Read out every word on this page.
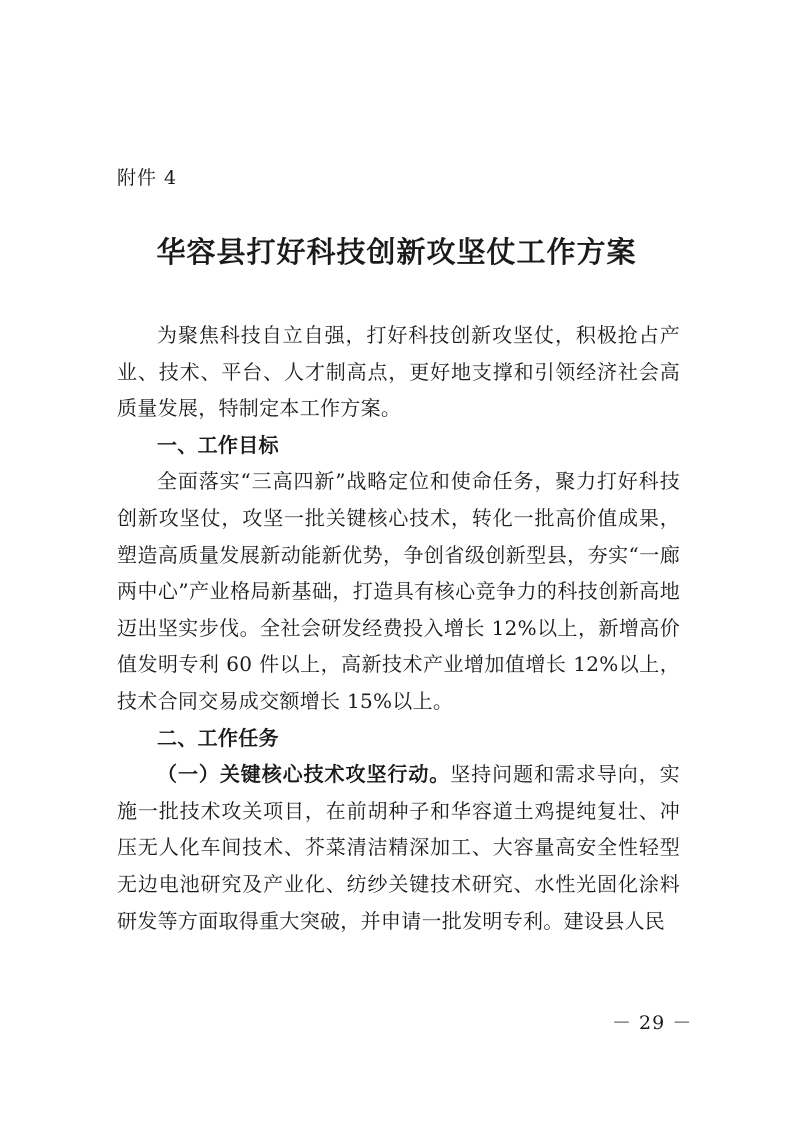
附件 4
华容县打好科技创新攻坚仗工作方案

为聚焦科技自立自强，打好科技创新攻坚仗，积极抢占产业、技术、平台、人才制高点，更好地支撑和引领经济社会高质量发展，特制定本工作方案。

一、工作目标

全面落实“三高四新”战略定位和使命任务，聚力打好科技创新攻坚仗，攻坚一批关键核心技术，转化一批高价值成果，塑造高质量发展新动能新优势，争创省级创新型县，夯实“一廊两中心”产业格局新基础，打造具有核心竞争力的科技创新高地迈出坚实步伐。全社会研发经费投入增长 12%以上，新增高价值发明专利 60 件以上，高新技术产业增加值增长 12%以上，技术合同交易成交额增长 15%以上。

二、工作任务

（一）关键核心技术攻坚行动。坚持问题和需求导向，实施一批技术攻关项目，在前胡种子和华容道土鸡提纯复壮、冲压无人化车间技术、芥菜清洁精深加工、大容量高安全性轻型无边电池研究及产业化、纺纱关键技术研究、水性光固化涂料研发等方面取得重大突破，并申请一批发明专利。建设县人民

－ 29 －
